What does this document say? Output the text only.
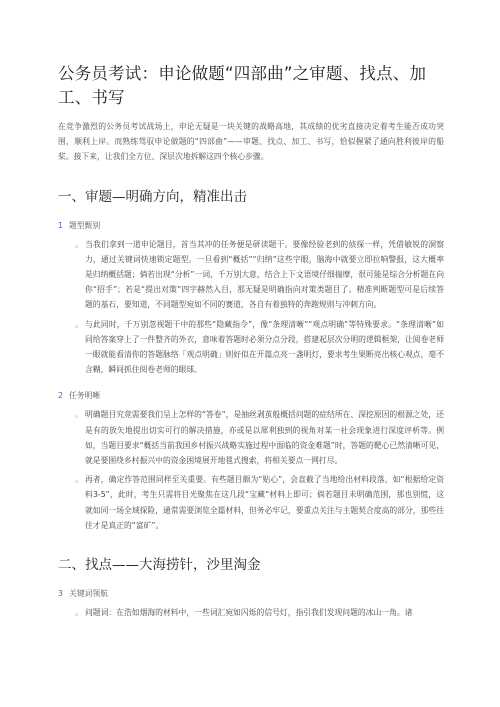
公务员考试：申论做题“四部曲”之审题、找点、加工、书写

在竞争激烈的公务员考试战场上，申论无疑是一块关键的战略高地，其成绩的优劣直接决定着考生能否成功突围，顺利上岸。而熟练驾驭申论做题的“四部曲”——审题、找点、加工、书写，恰似握紧了通向胜利彼岸的船桨。接下来，让我们全方位、深层次地拆解这四个核心步骤。

一、审题—明确方向，精准出击
1 题型甄别
。 当我们拿到一道申论题目，首当其冲的任务便是研读题干。要像经验老到的侦探一样，凭借敏锐的洞察力，通过关键词快速锁定题型。一旦看到“概括”“归纳”这些字眼，脑海中就要立即拉响警报，这大概率是归纳概括题；倘若出现“分析”一词，千万别大意，结合上下文语境仔细揣摩，很可能是综合分析题在向你“招手”；若是“提出对策”四字赫然入目，那无疑是明确指向对策类题目了。精准判断题型可是后续答题的基石，要知道，不同题型宛如不同的赛道，各自有着独特的奔跑规则与冲刺方向。
。 与此同时，千万别忽视题干中的那些“隐藏指令”，像“条理清晰”“观点明确”等特殊要求。“条理清晰”如同给答案穿上了一件整齐的外衣，意味着答题时必须分点分段，搭建起层次分明的逻辑框架，让阅卷老师一眼就能看清你的答题脉络「观点明确」则好似在开篇点亮一盏明灯，要求考生果断亮出核心观点，毫不含糊，瞬间抓住阅卷老师的眼球。
2 任务明晰
。 明确题目究竟需要我们呈上怎样的“答卷”，是抽丝剥茧般概括问题的症结所在、深挖原因的根源之处，还是有的放矢地提出切实可行的解决措施，亦或是以犀利独到的视角对某一社会现象进行深度评析等。例如，当题目要求“概括当前我国乡村振兴战略实施过程中面临的资金难题”时，答题的靶心已然清晰可见，就是要围绕乡村振兴中的资金困境展开地毯式搜索，将相关要点一网打尽。
。 再者，确定作答范围同样至关重要。有些题目颇为“贴心”，会直截了当地给出材料段落，如“根据给定资料3-5”，此时，考生只需将目光聚焦在这几段“宝藏”材料上即可；倘若题目未明确范围，那也别慌，这就如同一场全域探险，通常需要浏览全篇材料，但务必牢记，要重点关注与主题契合度高的部分，那些往往才是真正的“富矿”。
二、找点——大海捞针，沙里淘金
3 关键词领航
。 问题词：在浩如烟海的材料中，一些词汇宛如闪烁的信号灯，指引我们发现问题的冰山一角。诸
